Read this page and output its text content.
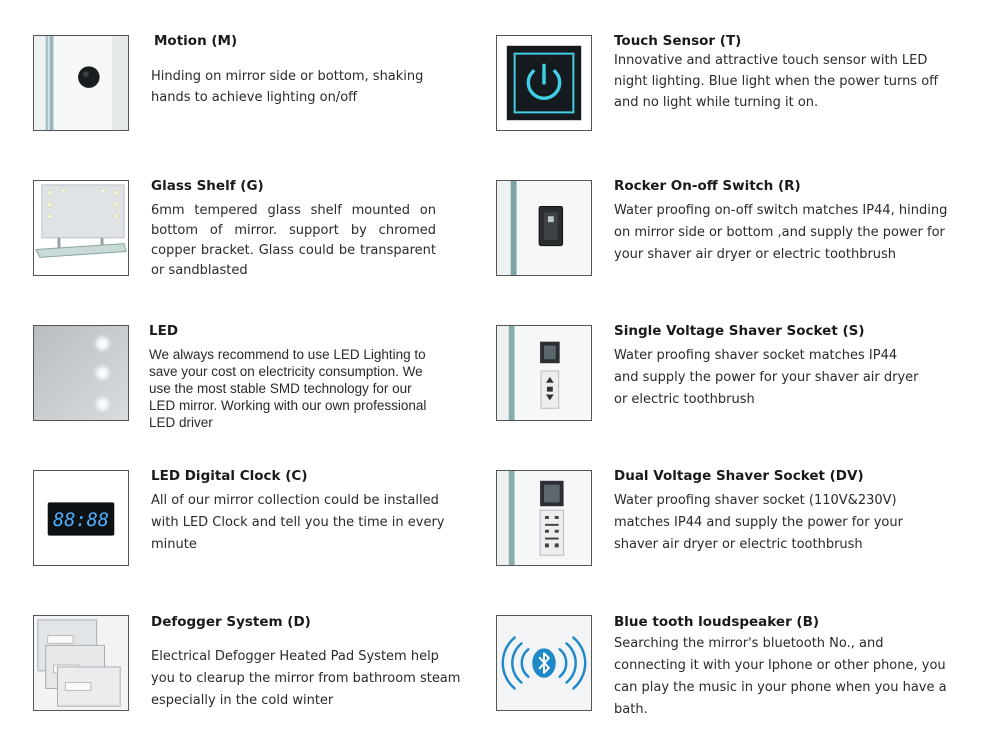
Motion (M)
Hinding on mirror side or bottom, shaking hands to achieve lighting on/off
Touch Sensor (T)
Innovative and attractive touch sensor with LED night lighting. Blue light when the power turns off and no light while turning it on.
Glass Shelf (G)
6mm tempered glass shelf mounted on bottom of mirror. support by chromed copper bracket. Glass could be transparent or sandblasted
Rocker On-off Switch (R)
Water proofing on-off switch matches IP44, hinding on mirror side or bottom ,and supply the power for your shaver air dryer or electric toothbrush
LED
We always recommend to use LED Lighting to save your cost on electricity consumption. We use the most stable SMD technology for our LED mirror. Working with our own professional LED driver
Single Voltage Shaver Socket (S)
Water proofing shaver socket matches IP44 and supply the power for your shaver air dryer or electric toothbrush
88:88
LED Digital Clock (C)
All of our mirror collection could be installed with LED Clock and tell you the time in every minute
Dual Voltage Shaver Socket (DV)
Water proofing shaver socket (110V&230V) matches IP44 and supply the power for your shaver air dryer or electric toothbrush
Defogger System (D)
Electrical Defogger Heated Pad System help you to clearup the mirror from bathroom steam especially in the cold winter
Blue tooth loudspeaker (B)
Searching the mirror's bluetooth No., and connecting it with your Iphone or other phone, you can play the music in your phone when you have a bath.
